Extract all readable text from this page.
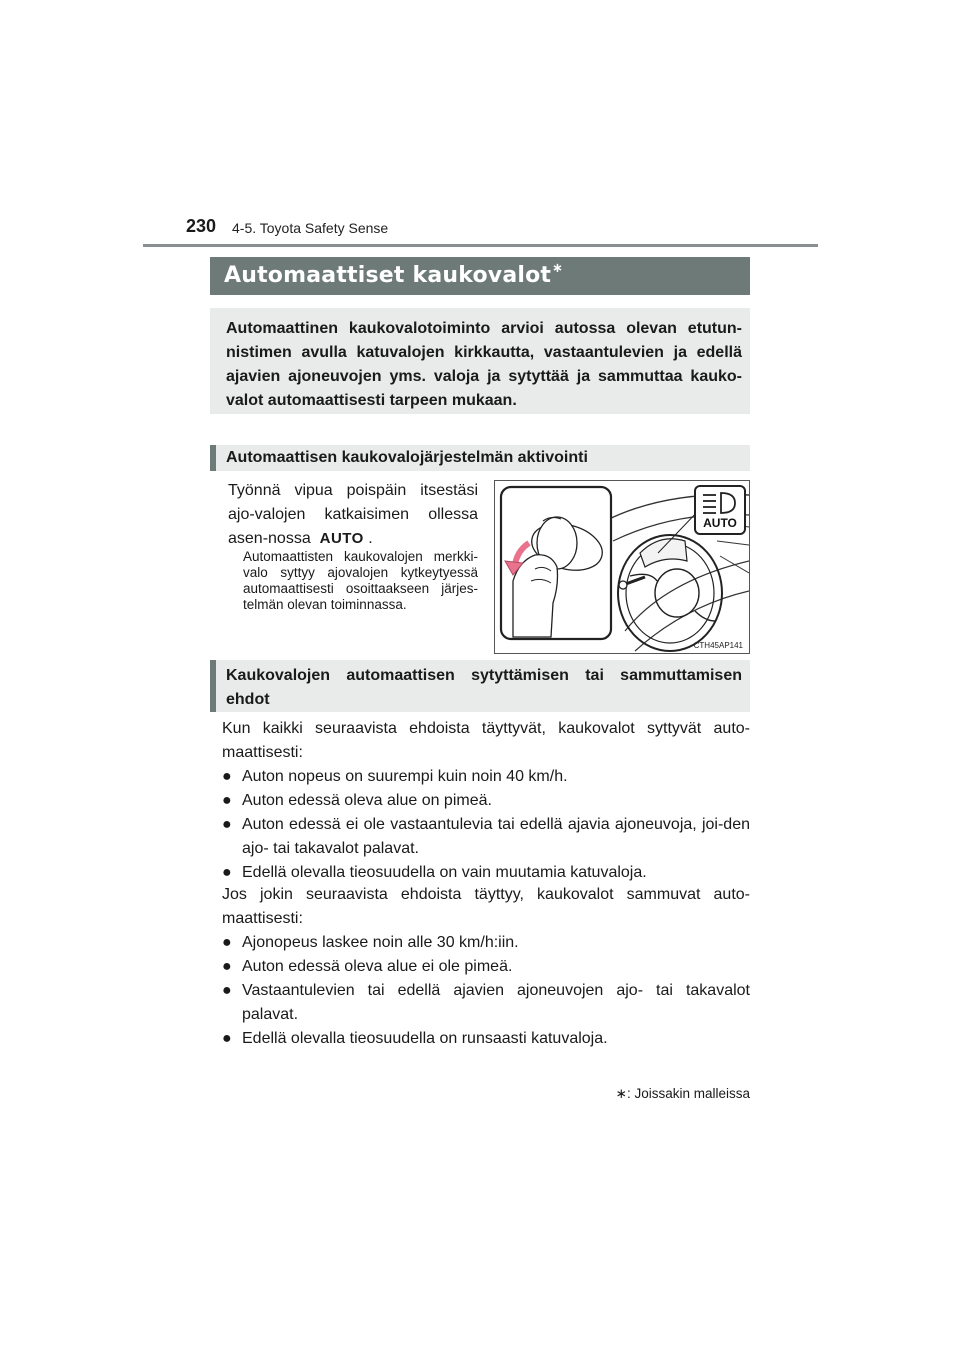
230 4-5. Toyota Safety Sense
Automaattiset kaukovalot∗
Automaattinen kaukovalotoiminto arvioi autossa olevan etutun-nistimen avulla katuvalojen kirkkautta, vastaantulevien ja edellä ajavien ajoneuvojen yms. valoja ja sytyttää ja sammuttaa kauko-valot automaattisesti tarpeen mukaan.
Automaattisen kaukovalojärjestelmän aktivointi
Työnnä vipua poispäin itsestäsi ajo-valojen katkaisimen ollessa asen-nossa AUTO .
Automaattisten kaukovalojen merkki-valo syttyy ajovalojen kytkeytyessä automaattisesti osoittaakseen järjes-telmän olevan toiminnassa.
AUTO
CTH45AP141
Kaukovalojen automaattisen sytyttämisen tai sammuttamisen ehdot
Kun kaikki seuraavista ehdoista täyttyvät, kaukovalot syttyvät auto-maattisesti:
● Auton nopeus on suurempi kuin noin 40 km/h.
● Auton edessä oleva alue on pimeä.
● Auton edessä ei ole vastaantulevia tai edellä ajavia ajoneuvoja, joi-den ajo- tai takavalot palavat.
● Edellä olevalla tieosuudella on vain muutamia katuvaloja.
Jos jokin seuraavista ehdoista täyttyy, kaukovalot sammuvat auto-maattisesti:
● Ajonopeus laskee noin alle 30 km/h:iin.
● Auton edessä oleva alue ei ole pimeä.
● Vastaantulevien tai edellä ajavien ajoneuvojen ajo- tai takavalot palavat.
● Edellä olevalla tieosuudella on runsaasti katuvaloja.
∗: Joissakin malleissa
